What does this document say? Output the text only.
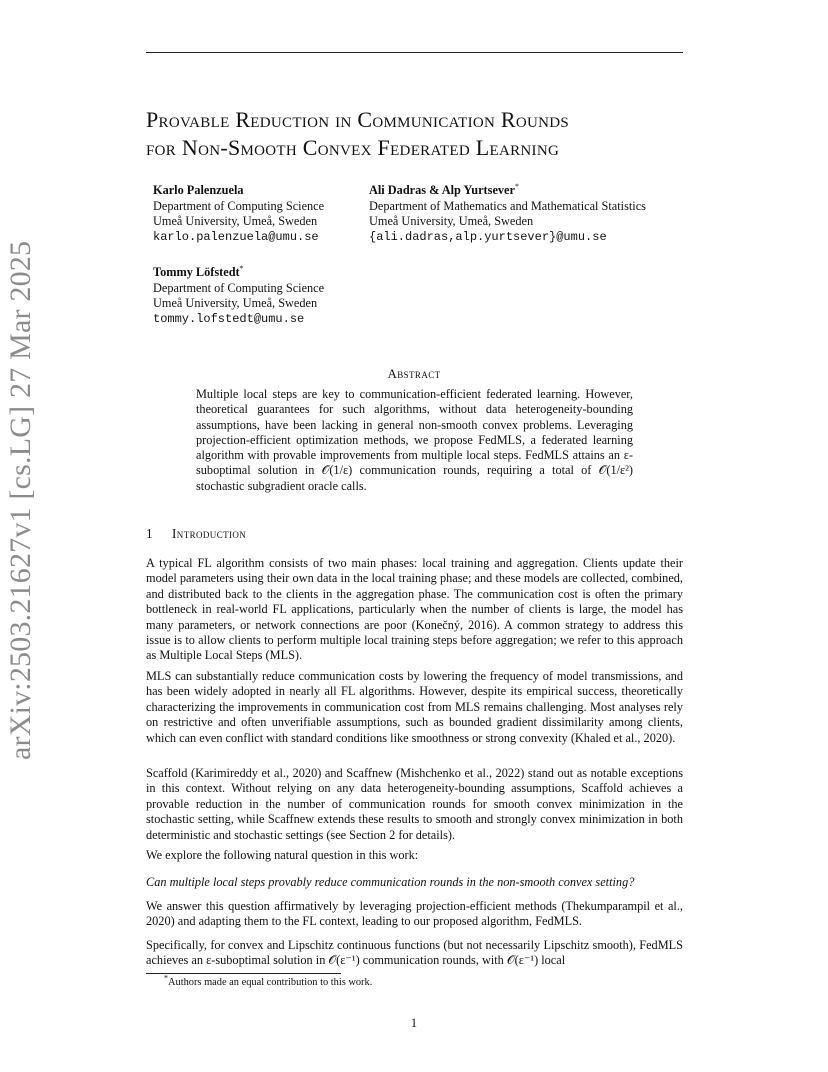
arXiv:2503.21627v1 [cs.LG] 27 Mar 2025
Provable Reduction in Communication Rounds
for Non-Smooth Convex Federated Learning
Karlo Palenzuela
Department of Computing Science
Umeå University, Umeå, Sweden
karlo.palenzuela@umu.se
Ali Dadras & Alp Yurtsever*
Department of Mathematics and Mathematical Statistics
Umeå University, Umeå, Sweden
{ali.dadras,alp.yurtsever}@umu.se
Tommy Löfstedt*
Department of Computing Science
Umeå University, Umeå, Sweden
tommy.lofstedt@umu.se
Abstract
Multiple local steps are key to communication-efficient federated learning. However, theoretical guarantees for such algorithms, without data heterogeneity-bounding assumptions, have been lacking in general non-smooth convex problems. Leveraging projection-efficient optimization methods, we propose FedMLS, a federated learning algorithm with provable improvements from multiple local steps. FedMLS attains an ε-suboptimal solution in 𝒪(1/ε) communication rounds, requiring a total of 𝒪(1/ε²) stochastic subgradient oracle calls.
1 Introduction

A typical FL algorithm consists of two main phases: local training and aggregation. Clients update their model parameters using their own data in the local training phase; and these models are collected, combined, and distributed back to the clients in the aggregation phase. The communication cost is often the primary bottleneck in real-world FL applications, particularly when the number of clients is large, the model has many parameters, or network connections are poor (Konečný, 2016). A common strategy to address this issue is to allow clients to perform multiple local training steps before aggregation; we refer to this approach as Multiple Local Steps (MLS).

MLS can substantially reduce communication costs by lowering the frequency of model transmissions, and has been widely adopted in nearly all FL algorithms. However, despite its empirical success, theoretically characterizing the improvements in communication cost from MLS remains challenging. Most analyses rely on restrictive and often unverifiable assumptions, such as bounded gradient dissimilarity among clients, which can even conflict with standard conditions like smoothness or strong convexity (Khaled et al., 2020).

Scaffold (Karimireddy et al., 2020) and Scaffnew (Mishchenko et al., 2022) stand out as notable exceptions in this context. Without relying on any data heterogeneity-bounding assumptions, Scaffold achieves a provable reduction in the number of communication rounds for smooth convex minimization in the stochastic setting, while Scaffnew extends these results to smooth and strongly convex minimization in both deterministic and stochastic settings (see Section 2 for details).

We explore the following natural question in this work:

Can multiple local steps provably reduce communication rounds in the non-smooth convex setting?

We answer this question affirmatively by leveraging projection-efficient methods (Thekumparampil et al., 2020) and adapting them to the FL context, leading to our proposed algorithm, FedMLS.

Specifically, for convex and Lipschitz continuous functions (but not necessarily Lipschitz smooth), FedMLS achieves an ε-suboptimal solution in 𝒪(ε⁻¹) communication rounds, with 𝒪(ε⁻¹) local

*Authors made an equal contribution to this work.
1
